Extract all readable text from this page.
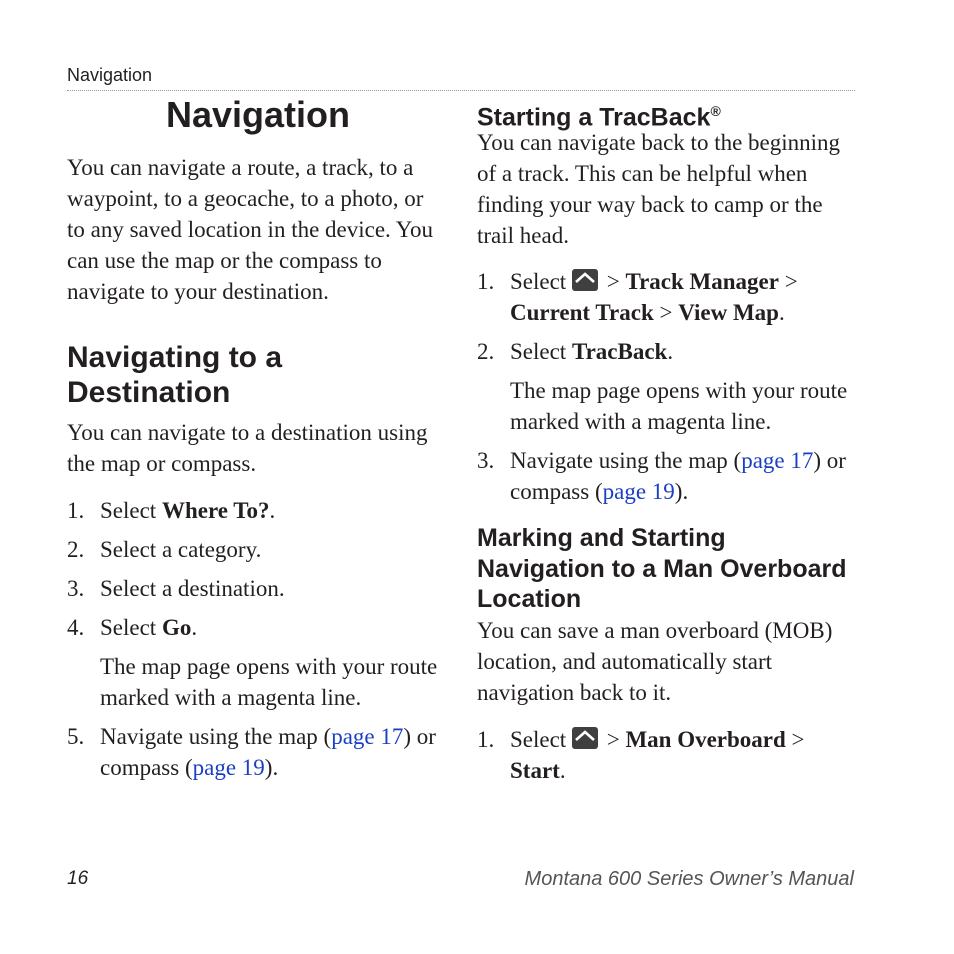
Navigation
Navigation
You can navigate a route, a track, to a waypoint, to a geocache, to a photo, or to any saved location in the device. You can use the map or the compass to navigate to your destination.
Navigating to a
Destination
You can navigate to a destination using the map or compass.
1. Select Where To?.
2. Select a category.
3. Select a destination.
4. Select Go.
The map page opens with your route marked with a magenta line.
5. Navigate using the map (page 17) or compass (page 19).
Starting a TracBack®
You can navigate back to the beginning of a track. This can be helpful when finding your way back to camp or the trail head.
1. Select
> Track Manager > Current Track > View Map.
2. Select TracBack.
The map page opens with your route marked with a magenta line.
3. Navigate using the map (page 17) or compass (page 19).
Marking and Starting
Navigation to a Man Overboard
Location
You can save a man overboard (MOB) location, and automatically start navigation back to it.
1. Select
> Man Overboard > Start.
16	Montana 600 Series Owner’s Manual
